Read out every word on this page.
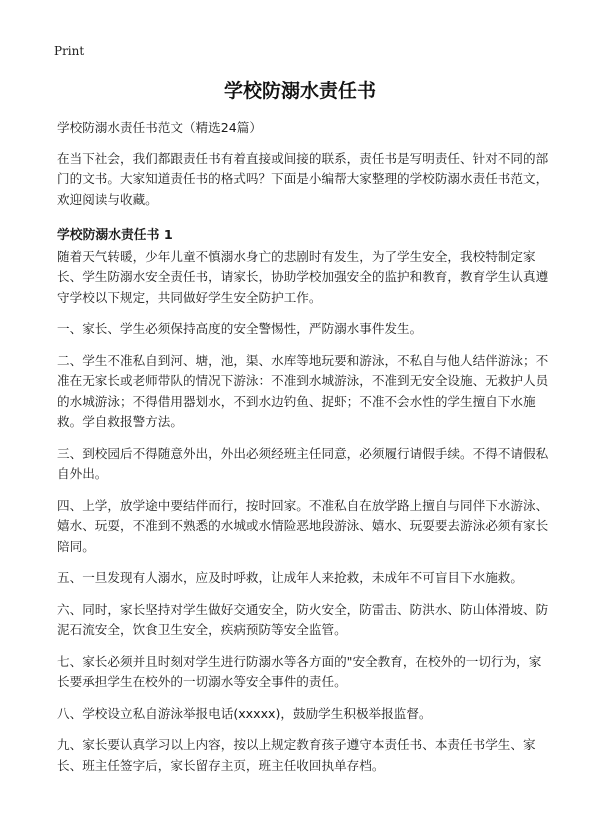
Print
学校防溺水责任书

学校防溺水责任书范文（精选24篇）

在当下社会，我们都跟责任书有着直接或间接的联系，责任书是写明责任、针对不同的部门的文书。大家知道责任书的格式吗？下面是小编帮大家整理的学校防溺水责任书范文，欢迎阅读与收藏。

学校防溺水责任书 1

随着天气转暖，少年儿童不慎溺水身亡的悲剧时有发生，为了学生安全，我校特制定家长、学生防溺水安全责任书，请家长，协助学校加强安全的监护和教育，教育学生认真遵守学校以下规定，共同做好学生安全防护工作。

一、家长、学生必须保持高度的安全警惕性，严防溺水事件发生。

二、学生不准私自到河、塘，池，渠、水库等地玩要和游泳，不私自与他人结伴游泳；不准在无家长或老师带队的情况下游泳：不准到水城游泳，不准到无安全设施、无救护人员的水城游泳；不得借用器划水，不到水边钓鱼、捉虾；不准不会水性的学生擅自下水施救。学自救报警方法。

三、到校园后不得随意外出，外出必须经班主任同意，必须履行请假手续。不得不请假私自外出。

四、上学，放学途中要结伴而行，按时回家。不准私自在放学路上擅自与同伴下水游泳、嬉水、玩耍，不准到不熟悉的水城或水情险恶地段游泳、嬉水、玩耍要去游泳必须有家长陪同。

五、一旦发现有人溺水，应及时呼救，让成年人来抢救，未成年不可盲目下水施救。

六、同时，家长坚持对学生做好交通安全，防火安全，防雷击、防洪水、防山体滑坡、防泥石流安全，饮食卫生安全，疾病预防等安全监管。

七、家长必须并且时刻对学生进行防溺水等各方面的"安全教育，在校外的一切行为，家长要承担学生在校外的一切溺水等安全事件的责任。

八、学校设立私自游泳举报电话(xxxxx)，鼓励学生积极举报监督。

九、家长要认真学习以上内容，按以上规定教育孩子遵守本责任书、本责任书学生、家长、班主任签字后，家长留存主页，班主任收回执单存档。
